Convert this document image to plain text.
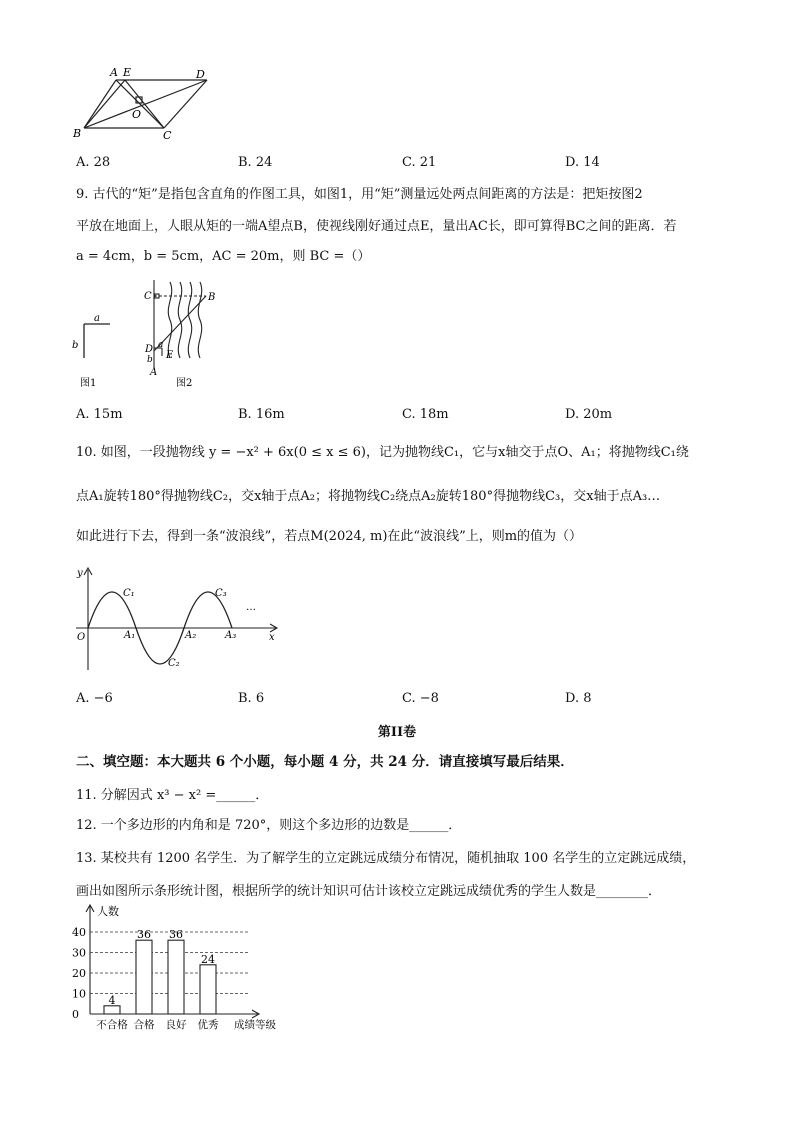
A E	D
O
B	C
A. 28	B. 24	C. 21	D. 14
9. 古代的“矩”是指包含直角的作图工具，如图1，用“矩”测量远处两点间距离的方法是：把矩按图2
平放在地面上，人眼从矩的一端A望点B，使视线刚好通过点E，量出AC长，即可算得BC之间的距离．若
a = 4cm，b = 5cm，AC = 20m，则 BC =（）
a
b
图1
C	B
D a
b E
A
图2
A. 15m	B. 16m	C. 18m	D. 20m
10. 如图，一段抛物线 y = −x² + 6x(0 ≤ x ≤ 6)，记为抛物线C₁，它与x轴交于点O、A₁；将抛物线C₁绕
点A₁旋转180°得抛物线C₂，交x轴于点A₂；将抛物线C₂绕点A₂旋转180°得抛物线C₃，交x轴于点A₃…
如此进行下去，得到一条“波浪线”，若点M(2024, m)在此“波浪线”上，则m的值为（）
y
x
O
C₁
C₂
C₃
A₁	A₂	A₃
…
A. −6	B. 6	C. −8	D. 8
第II卷
二、填空题：本大题共 6 个小题，每小题 4 分，共 24 分．请直接填写最后结果．
11. 分解因式 x³ − x² =______．
12. 一个多边形的内角和是 720°，则这个多边形的边数是______．
13. 某校共有 1200 名学生．为了解学生的立定跳远成绩分布情况，随机抽取 100 名学生的立定跳远成绩，
画出如图所示条形统计图，根据所学的统计知识可估计该校立定跳远成绩优秀的学生人数是________．
4
36 36
24
0
10
20
30
40
不合格 合格 良好 优秀
人数
成绩等级
